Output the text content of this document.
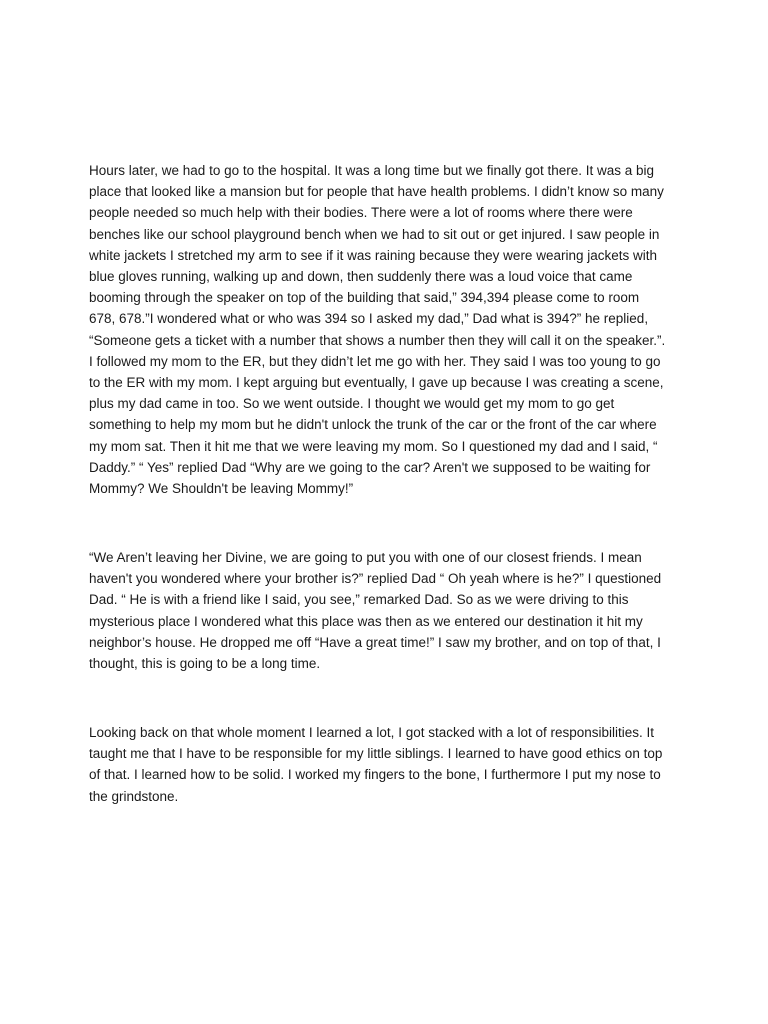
Hours later, we had to go to the hospital. It was a long time but we finally got there. It was a big
place that looked like a mansion but for people that have health problems. I didn’t know so many
people needed so much help with their bodies. There were a lot of rooms where there were
benches like our school playground bench when we had to sit out or get injured. I saw people in
white jackets I stretched my arm to see if it was raining because they were wearing jackets with
blue gloves running, walking up and down, then suddenly there was a loud voice that came
booming through the speaker on top of the building that said,” 394,394 please come to room
678, 678.”I wondered what or who was 394 so I asked my dad,” Dad what is 394?” he replied,
“Someone gets a ticket with a number that shows a number then they will call it on the speaker.”.
I followed my mom to the ER, but they didn’t let me go with her. They said I was too young to go
to the ER with my mom. I kept arguing but eventually, I gave up because I was creating a scene,
plus my dad came in too. So we went outside. I thought we would get my mom to go get
something to help my mom but he didn't unlock the trunk of the car or the front of the car where
my mom sat. Then it hit me that we were leaving my mom. So I questioned my dad and I said, “
Daddy.” “ Yes” replied Dad “Why are we going to the car? Aren't we supposed to be waiting for
Mommy? We Shouldn't be leaving Mommy!”

“We Aren’t leaving her Divine, we are going to put you with one of our closest friends. I mean
haven't you wondered where your brother is?” replied Dad “ Oh yeah where is he?” I questioned
Dad. “ He is with a friend like I said, you see,” remarked Dad. So as we were driving to this
mysterious place I wondered what this place was then as we entered our destination it hit my
neighbor’s house. He dropped me off “Have a great time!” I saw my brother, and on top of that, I
thought, this is going to be a long time.

Looking back on that whole moment I learned a lot, I got stacked with a lot of responsibilities. It
taught me that I have to be responsible for my little siblings. I learned to have good ethics on top
of that. I learned how to be solid. I worked my fingers to the bone, I furthermore I put my nose to
the grindstone.
